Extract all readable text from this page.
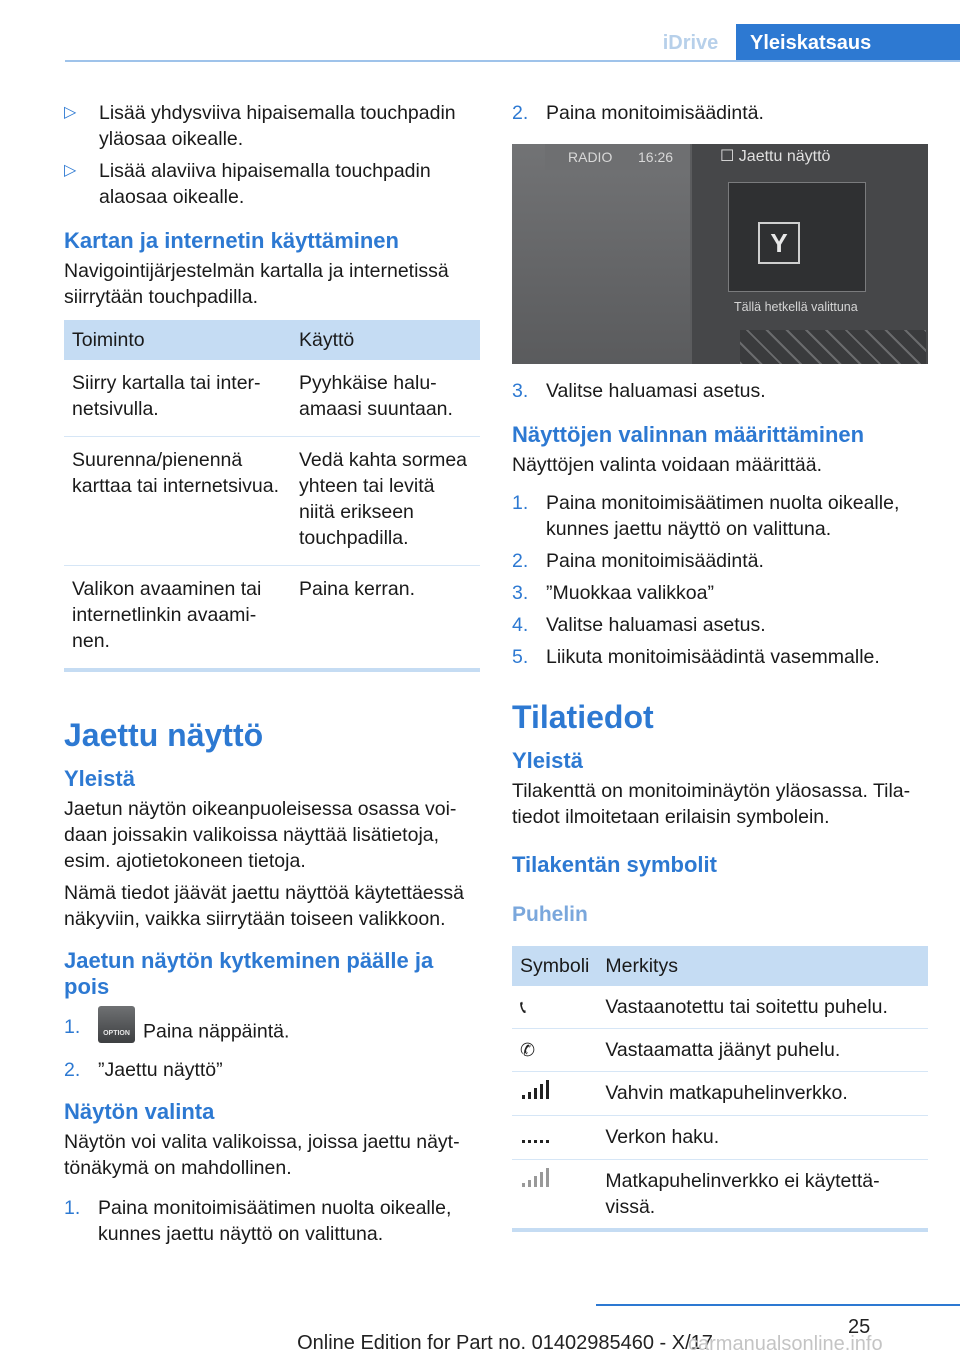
iDrive	Yleiskatsaus
▷ Lisää yhdysviiva hipaisemalla touchpadin yläosaa oikealle.
▷ Lisää alaviiva hipaisemalla touchpadin alaosaa oikealle.
Kartan ja internetin käyttäminen
Navigointijärjestelmän kartalla ja internetissä siirrytään touchpadilla.
Toiminto	Käyttö
Siirry kartalla tai inter‐ netsivulla.	Pyyhkäise halu‐ amaasi suuntaan.
Suurenna/pienennä karttaa tai internetsivua.	Vedä kahta sormea yhteen tai levitä niitä erikseen touchpadilla.
Valikon avaaminen tai internetlinkin avaami‐ nen.	Paina kerran.
Jaettu näyttö
Yleistä
Jaetun näytön oikeanpuoleisessa osassa voi‐ daan joissakin valikoissa näyttää lisätietoja, esim. ajotietokoneen tietoja.
Nämä tiedot jäävät jaettu näyttöä käytettäessä näkyviin, vaikka siirrytään toiseen valikkoon.
Jaetun näytön kytkeminen päälle ja pois
1.	OPTION Paina näppäintä.
2. ”Jaettu näyttö”
Näytön valinta
Näytön voi valita valikoissa, joissa jaettu näyt‐ tönäkymä on mahdollinen.
1. Paina monitoimisäätimen nuolta oikealle, kunnes jaettu näyttö on valittuna.
2. Paina monitoimisäädintä.
RADIO 16:26	☐ Jaettu näyttö
Y
Tällä hetkellä valittuna
3. Valitse haluamasi asetus.
Näyttöjen valinnan määrittäminen
Näyttöjen valinta voidaan määrittää.
1. Paina monitoimisäätimen nuolta oikealle, kunnes jaettu näyttö on valittuna.
2. Paina monitoimisäädintä.
3. ”Muokkaa valikkoa”
4. Valitse haluamasi asetus.
5. Liikuta monitoimisäädintä vasemmalle.
Tilatiedot
Yleistä
Tilakenttä on monitoiminäytön yläosassa. Tila‐ tiedot ilmoitetaan erilaisin symbolein.
Tilakentän symbolit
Puhelin
Symboli	Merkitys
📞︎	Vastaanotettu tai soitettu puhelu.
✆	Vastaamatta jäänyt puhelu.
	Vahvin matkapuhelinverkko.
	Verkon haku.
	Matkapuhelinverkko ei käytettä‐ vissä.
25
Online Edition for Part no. 01402985460 - X/17
carmanualsonline.info
